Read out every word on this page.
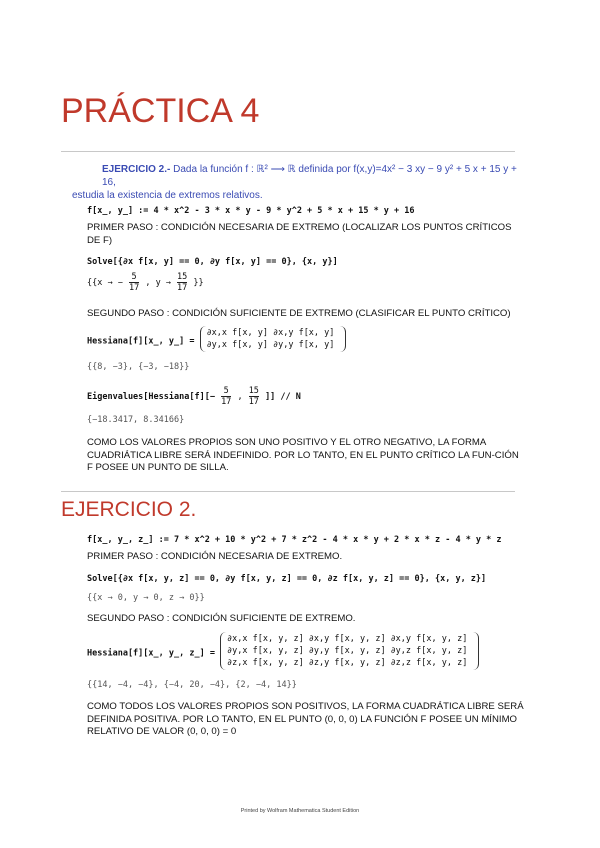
PRÁCTICA 4
EJERCICIO 2.- Dada la función f : ℝ² ⟶ ℝ definida por f(x,y)=4x² − 3 xy − 9 y² + 5 x + 15 y + 16,
estudia la existencia de extremos relativos.
f[x_, y_] := 4 * x^2 - 3 * x * y - 9 * y^2 + 5 * x + 15 * y + 16
PRIMER PASO : CONDICIÓN NECESARIA DE EXTREMO (LOCALIZAR LOS PUNTOS CRÍTICOS DE F)
Solve[{∂x f[x, y] == 0, ∂y f[x, y] == 0}, {x, y}]
{{x → − $\frac{5}{17}$ , $y \to \frac{15}{17}$ }}
SEGUNDO PASO : CONDICIÓN SUFICIENTE DE EXTREMO (CLASIFICAR EL PUNTO CRÍTICO)
Hessiana[f][x_, y_] =
∂x,x f[x, y]	∂x,y f[x, y]
∂y,x f[x, y]	∂y,y f[x, y]
{{8, −3}, {−3, −18}}
Eigenvalues[Hessiana[f][− $\frac{5}{17}$ , $\frac{15}{17}$ ]] // N
{−18.3417, 8.34166}
COMO LOS VALORES PROPIOS SON UNO POSITIVO Y EL OTRO NEGATIVO, LA FORMA CUADRIÁTICA LIBRE SERÁ INDEFINIDO. POR LO TANTO, EN EL PUNTO CRÍTICO LA FUN-CIÓN F POSEE UN PUNTO DE SILLA.
EJERCICIO 2.
f[x_, y_, z_] := 7 * x^2 + 10 * y^2 + 7 * z^2 - 4 * x * y + 2 * x * z - 4 * y * z
PRIMER PASO : CONDICIÓN NECESARIA DE EXTREMO.
Solve[{∂x f[x, y, z] == 0, ∂y f[x, y, z] == 0, ∂z f[x, y, z] == 0}, {x, y, z}]
{{x → 0, y → 0, z → 0}}
SEGUNDO PASO : CONDICIÓN SUFICIENTE DE EXTREMO.
Hessiana[f][x_, y_, z_] =
∂x,x f[x, y, z]	∂x,y f[x, y, z]	∂x,y f[x, y, z]
∂y,x f[x, y, z]	∂y,y f[x, y, z]	∂y,z f[x, y, z]
∂z,x f[x, y, z]	∂z,y f[x, y, z]	∂z,z f[x, y, z]
{{14, −4, −4}, {−4, 20, −4}, {2, −4, 14}}
COMO TODOS LOS VALORES PROPIOS SON POSITIVOS, LA FORMA CUADRÁTICA LIBRE SERÁ DEFINIDA POSITIVA. POR LO TANTO, EN EL PUNTO (0, 0, 0) LA FUNCIÓN F POSEE UN MÍNIMO RELATIVO DE VALOR (0, 0, 0) = 0
Printed by Wolfram Mathematica Student Edition
